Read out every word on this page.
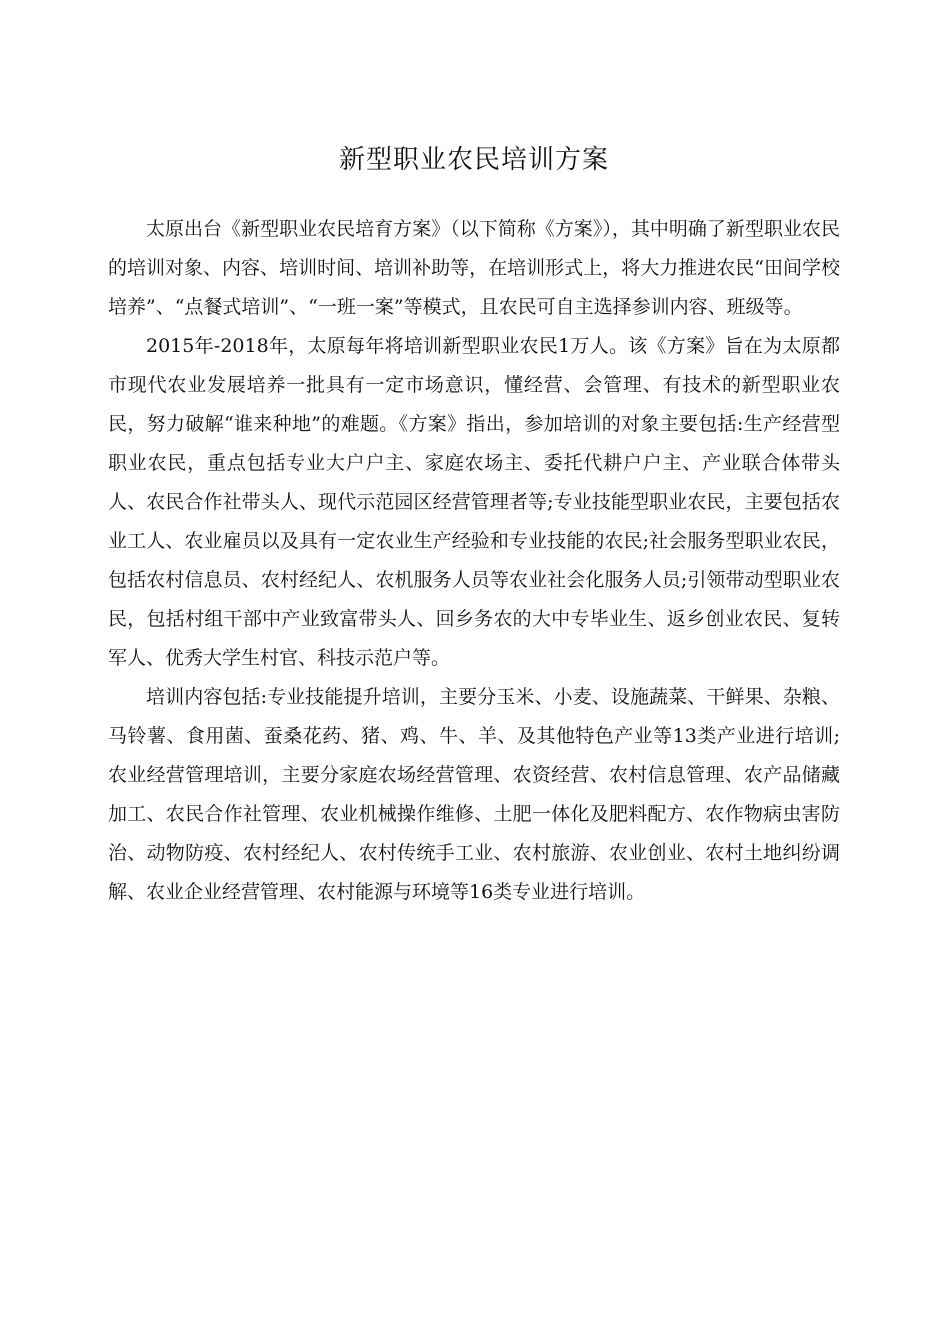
新型职业农民培训方案

太原出台《新型职业农民培育方案》（以下简称《方案》），其中明确了新型职业农民的培训对象、内容、培训时间、培训补助等，在培训形式上，将大力推进农民“田间学校培养”、“点餐式培训”、“一班一案”等模式，且农民可自主选择参训内容、班级等。

2015年-2018年，太原每年将培训新型职业农民1万人。该《方案》旨在为太原都市现代农业发展培养一批具有一定市场意识，懂经营、会管理、有技术的新型职业农民，努力破解“谁来种地”的难题。《方案》指出，参加培训的对象主要包括:生产经营型职业农民，重点包括专业大户户主、家庭农场主、委托代耕户户主、产业联合体带头人、农民合作社带头人、现代示范园区经营管理者等;专业技能型职业农民，主要包括农业工人、农业雇员以及具有一定农业生产经验和专业技能的农民;社会服务型职业农民，包括农村信息员、农村经纪人、农机服务人员等农业社会化服务人员;引领带动型职业农民，包括村组干部中产业致富带头人、回乡务农的大中专毕业生、返乡创业农民、复转军人、优秀大学生村官、科技示范户等。

培训内容包括:专业技能提升培训，主要分玉米、小麦、设施蔬菜、干鲜果、杂粮、马铃薯、食用菌、蚕桑花药、猪、鸡、牛、羊、及其他特色产业等13类产业进行培训;农业经营管理培训，主要分家庭农场经营管理、农资经营、农村信息管理、农产品储藏加工、农民合作社管理、农业机械操作维修、土肥一体化及肥料配方、农作物病虫害防治、动物防疫、农村经纪人、农村传统手工业、农村旅游、农业创业、农村土地纠纷调解、农业企业经营管理、农村能源与环境等16类专业进行培训。
